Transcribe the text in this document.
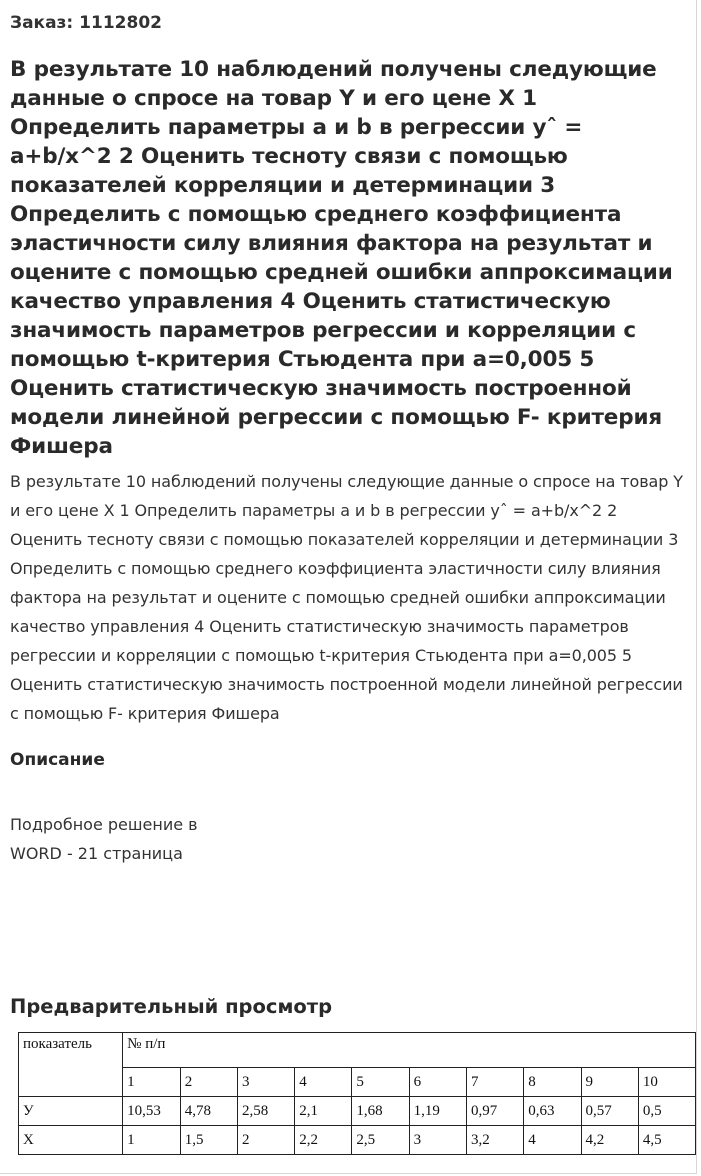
Заказ: 1112802
В результате 10 наблюдений получены следующие данные о спросе на товар Y и его цене X 1 Определить параметры a и b в регрессии yˆ = a+b/x^2 2 Оценить тесноту связи с помощью показателей корреляции и детерминации 3 Определить с помощью среднего коэффициента эластичности силу влияния фактора на результат и оцените с помощью средней ошибки аппроксимации качество управления 4 Оценить статистическую значимость параметров регрессии и корреляции с помощью t-критерия Стьюдента при a=0,005 5 Оценить статистическую значимость построенной модели линейной регрессии с помощью F- критерия Фишера
В результате 10 наблюдений получены следующие данные о спросе на товар Y и его цене X 1 Определить параметры a и b в регрессии yˆ = a+b/x^2 2 Оценить тесноту связи с помощью показателей корреляции и детерминации 3 Определить с помощью среднего коэффициента эластичности силу влияния фактора на результат и оцените с помощью средней ошибки аппроксимации качество управления 4 Оценить статистическую значимость параметров регрессии и корреляции с помощью t-критерия Стьюдента при a=0,005 5 Оценить статистическую значимость построенной модели линейной регрессии с помощью F- критерия Фишера
Описание
Подробное решение в
WORD - 21 страница
Предварительный просмотр
показатель	№ п/п									
	1	2	3	4	5	6	7	8	9	10
У	10,53	4,78	2,58	2,1	1,68	1,19	0,97	0,63	0,57	0,5
Х	1	1,5	2	2,2	2,5	3	3,2	4	4,2	4,5
